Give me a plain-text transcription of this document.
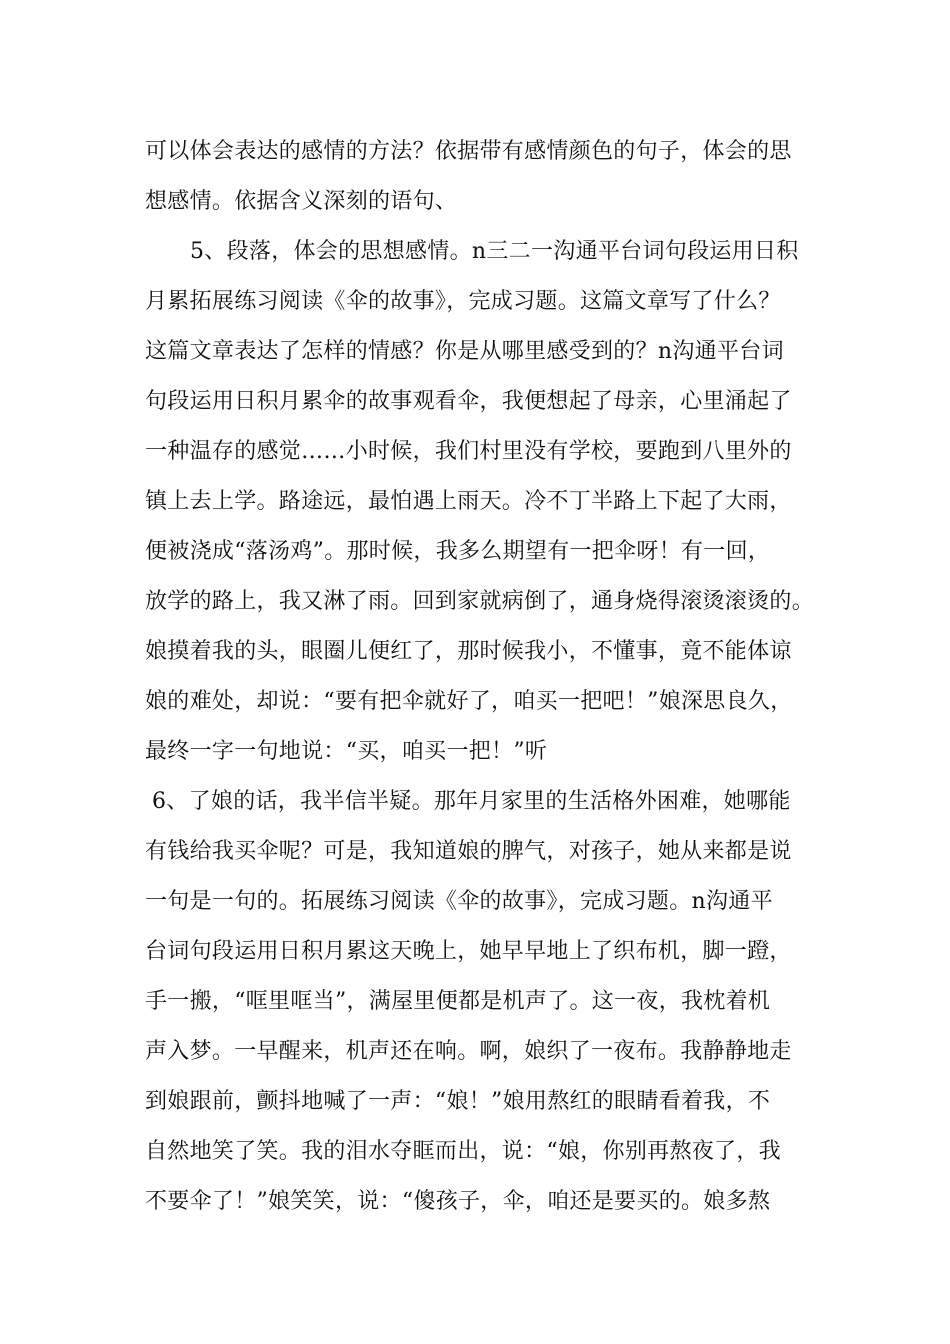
可以体会表达的感情的方法？依据带有感情颜色的句子，体会的思
想感情。依据含义深刻的语句、
5、段落，体会的思想感情。n三二一沟通平台词句段运用日积
月累拓展练习阅读《伞的故事》，完成习题。这篇文章写了什么？
这篇文章表达了怎样的情感？你是从哪里感受到的？n沟通平台词
句段运用日积月累伞的故事观看伞，我便想起了母亲，心里涌起了
一种温存的感觉……小时候，我们村里没有学校，要跑到八里外的
镇上去上学。路途远，最怕遇上雨天。冷不丁半路上下起了大雨，
便被浇成“落汤鸡”。那时候，我多么期望有一把伞呀！有一回，
放学的路上，我又淋了雨。回到家就病倒了，通身烧得滚烫滚烫的。
娘摸着我的头，眼圈儿便红了，那时候我小，不懂事，竟不能体谅
娘的难处，却说：“要有把伞就好了，咱买一把吧！”娘深思良久，
最终一字一句地说：“买，咱买一把！”听
6、了娘的话，我半信半疑。那年月家里的生活格外困难，她哪能
有钱给我买伞呢？可是，我知道娘的脾气，对孩子，她从来都是说
一句是一句的。拓展练习阅读《伞的故事》，完成习题。n沟通平
台词句段运用日积月累这天晚上，她早早地上了织布机，脚一蹬，
手一搬，“哐里哐当”，满屋里便都是机声了。这一夜，我枕着机
声入梦。一早醒来，机声还在响。啊，娘织了一夜布。我静静地走
到娘跟前，颤抖地喊了一声：“娘！”娘用熬红的眼睛看着我，不
自然地笑了笑。我的泪水夺眶而出，说：“娘，你别再熬夜了，我
不要伞了！”娘笑笑，说：“傻孩子，伞，咱还是要买的。娘多熬
